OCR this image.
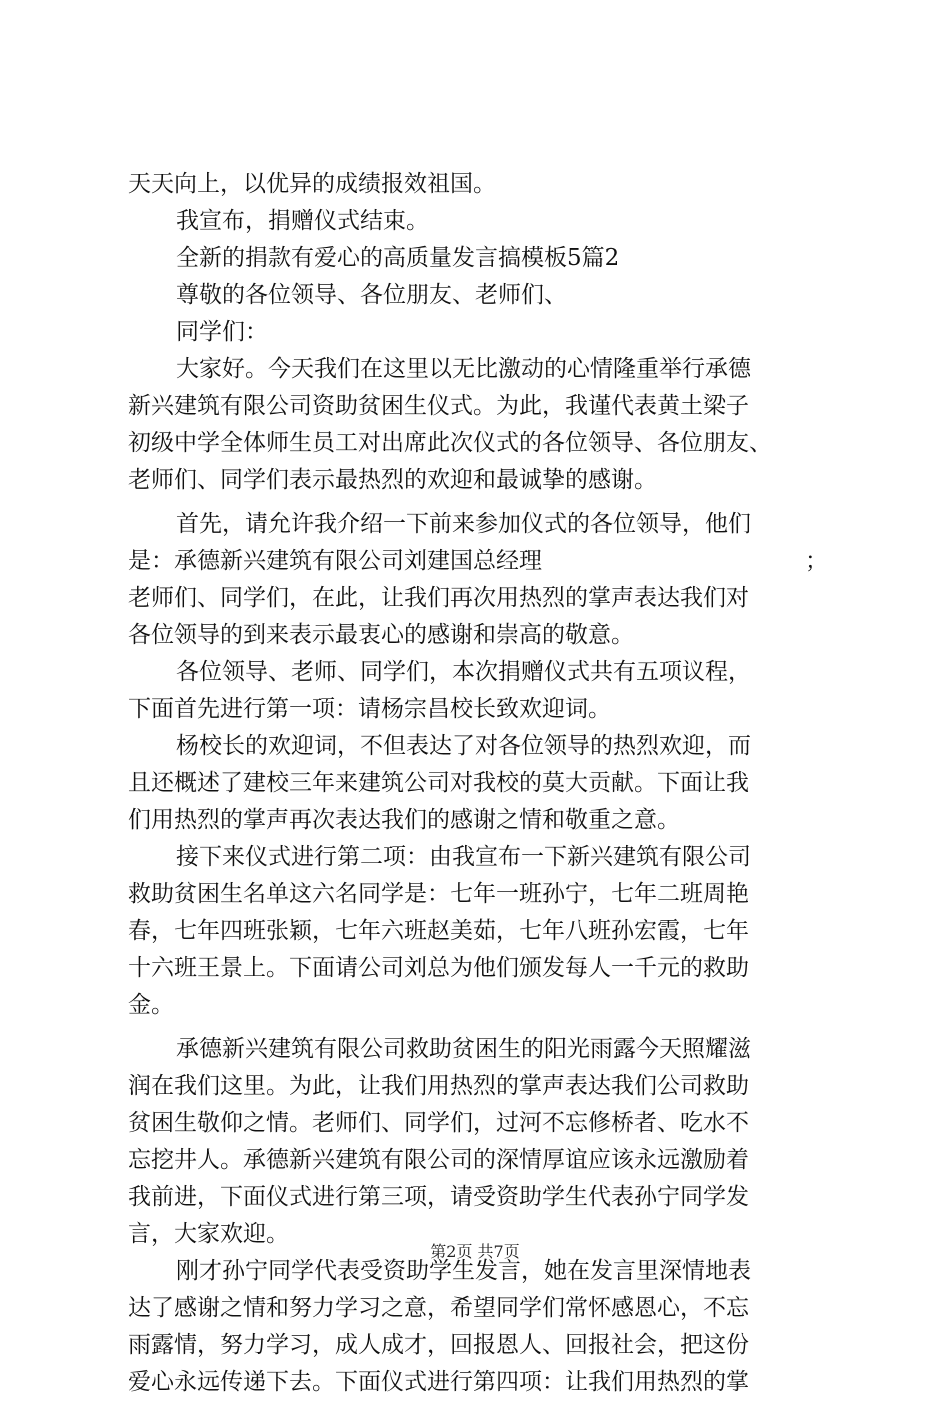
天天向上，以优异的成绩报效祖国。
我宣布，捐赠仪式结束。
全新的捐款有爱心的高质量发言搞模板5篇2
尊敬的各位领导、各位朋友、老师们、
同学们：
大家好。今天我们在这里以无比激动的心情隆重举行承德
新兴建筑有限公司资助贫困生仪式。为此，我谨代表黄土梁子
初级中学全体师生员工对出席此次仪式的各位领导、各位朋友、
老师们、同学们表示最热烈的欢迎和最诚挚的感谢。
首先，请允许我介绍一下前来参加仪式的各位领导，他们
是：承德新兴建筑有限公司刘建国总经理	；
老师们、同学们，在此，让我们再次用热烈的掌声表达我们对
各位领导的到来表示最衷心的感谢和崇高的敬意。
各位领导、老师、同学们，本次捐赠仪式共有五项议程，
下面首先进行第一项：请杨宗昌校长致欢迎词。
杨校长的欢迎词，不但表达了对各位领导的热烈欢迎，而
且还概述了建校三年来建筑公司对我校的莫大贡献。下面让我
们用热烈的掌声再次表达我们的感谢之情和敬重之意。
接下来仪式进行第二项：由我宣布一下新兴建筑有限公司
救助贫困生名单这六名同学是：七年一班孙宁，七年二班周艳
春，七年四班张颖，七年六班赵美茹，七年八班孙宏霞，七年
十六班王景上。下面请公司刘总为他们颁发每人一千元的救助
金。
承德新兴建筑有限公司救助贫困生的阳光雨露今天照耀滋
润在我们这里。为此，让我们用热烈的掌声表达我们公司救助
贫困生敬仰之情。老师们、同学们，过河不忘修桥者、吃水不
忘挖井人。承德新兴建筑有限公司的深情厚谊应该永远激励着
我前进，下面仪式进行第三项，请受资助学生代表孙宁同学发
言，大家欢迎。
刚才孙宁同学代表受资助学生发言，她在发言里深情地表
达了感谢之情和努力学习之意，希望同学们常怀感恩心，不忘
雨露情，努力学习，成人成才，回报恩人、回报社会，把这份
爱心永远传递下去。下面仪式进行第四项：让我们用热烈的掌
第2页 共7页
